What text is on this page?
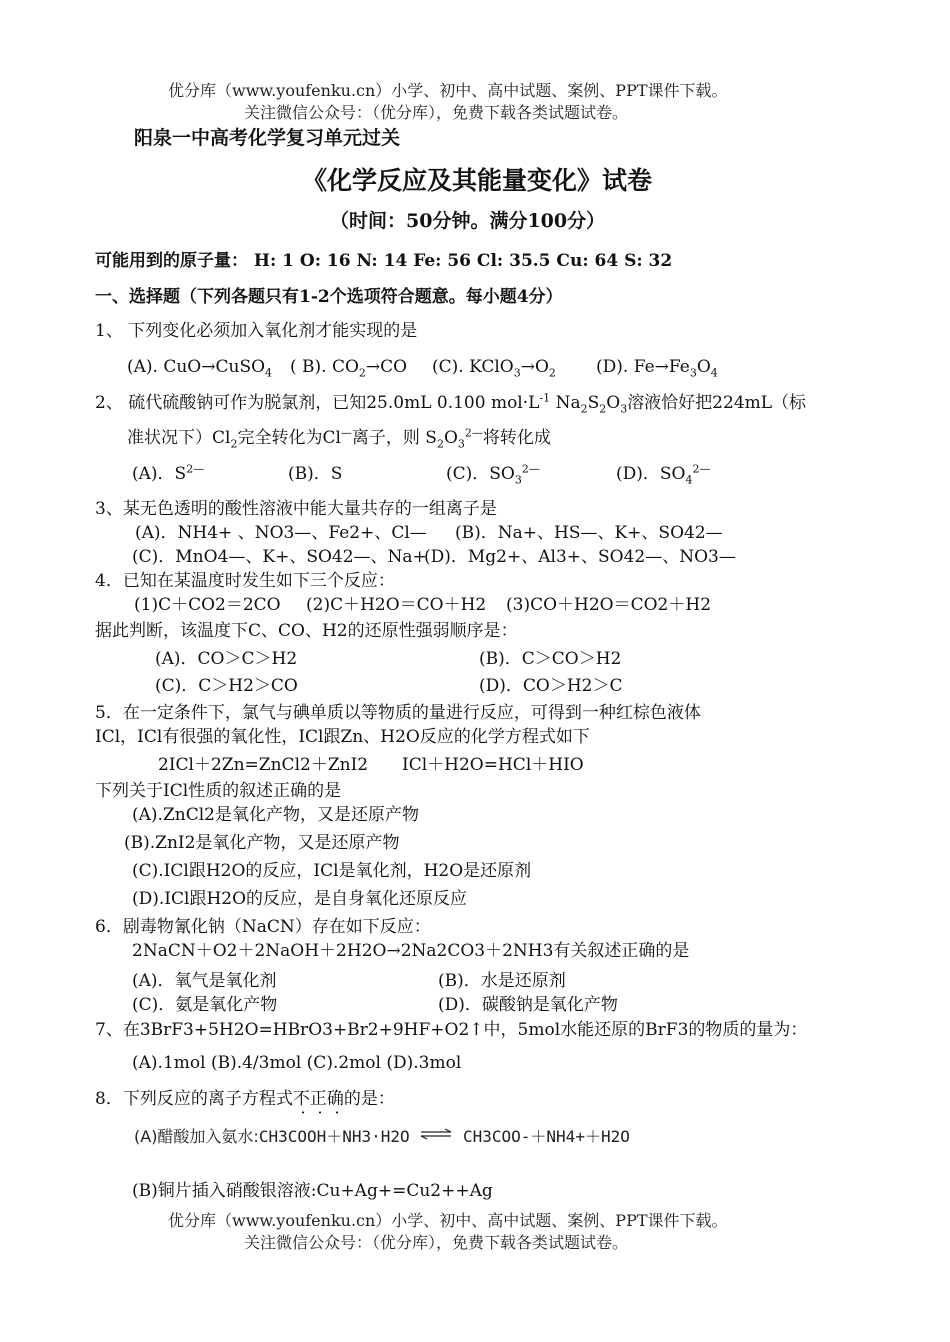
优分库（www.youfenku.cn）小学、初中、高中试题、案例、PPT课件下载。
关注微信公众号：（优分库），免费下载各类试题试卷。
阳泉一中高考化学复习单元过关
《化学反应及其能量变化》试卷
（时间：50分钟。满分100分）
可能用到的原子量： H: 1 O: 16 N: 14 Fe: 56 Cl: 35.5 Cu: 64 S: 32
一、选择题（下列各题只有1-2个选项符合题意。每小题4分）
1、 下列变化必须加入氧化剂才能实现的是
(A). CuO→CuSO$_4$ ( B). $CO_2\to CO$ (C). $KClO_3\to O_2$ (D). $Fe\to Fe_3O_4$
2、 硫代硫酸钠可作为脱氯剂，已知25.0mL 0.100 $mol\cdot L^{-1}$ $Na_2S_2O_3$溶液恰好把224mL（标
准状况下）$Cl_2$完全转化为Cl—离子，则 $S_2O_3^{2—}$将转化成
(A)．$S^{2—}$	(B)．S	(C)．$SO_3^{2—}$	(D)．$SO_4^{2—}$
3、某无色透明的酸性溶液中能大量共存的一组离子是
(A)．NH4+ 、NO3—、Fe2+、Cl— (B)．Na+、HS—、K+、SO42—
(C)．MnO4—、K+、SO42—、Na+
(D)．Mg2+、Al3+、SO42—、NO3—
4．已知在某温度时发生如下三个反应：
(1)C＋CO2＝2CO (2)C＋H2O＝CO＋H2 (3)CO＋H2O＝CO2＋H2
据此判断，该温度下C、CO、H2的还原性强弱顺序是：
(A)．CO＞C＞H2	(B)．C＞CO＞H2
(C)．C＞H2＞CO	(D)．CO＞H2＞C
5．在一定条件下，氯气与碘单质以等物质的量进行反应，可得到一种红棕色液体
ICl，ICl有很强的氧化性，ICl跟Zn、H2O反应的化学方程式如下
2ICl＋2Zn=ZnCl2＋ZnI2 ICl＋H2O=HCl＋HIO
下列关于ICl性质的叙述正确的是
(A).ZnCl2是氧化产物，又是还原产物
(B).ZnI2是氧化产物，又是还原产物
(C).ICl跟H2O的反应，ICl是氧化剂，H2O是还原剂
(D).ICl跟H2O的反应，是自身氧化还原反应
6．剧毒物氰化钠（NaCN）存在如下反应：
2NaCN＋O2＋2NaOH＋2H2O→2Na2CO3＋2NH3有关叙述正确的是
(A)．氧气是氧化剂	(B)．水是还原剂
(C)．氨是氧化产物	(D)．碳酸钠是氧化产物
7、在3BrF3+5H2O=HBrO3+Br2+9HF+O2↑中，5mol水能还原的BrF3的物质的量为：
(A).1mol (B).4/3mol (C).2mol (D).3mol
8．下列反应的离子方程式不正确的是：
(A)醋酸加入氨水:CH3COOH＋NH3·H2O ⇌ CH3COO-＋NH4+＋H2O
(B)铜片插入硝酸银溶液:Cu+Ag+=Cu2++Ag
优分库（www.youfenku.cn）小学、初中、高中试题、案例、PPT课件下载。
关注微信公众号：（优分库），免费下载各类试题试卷。
